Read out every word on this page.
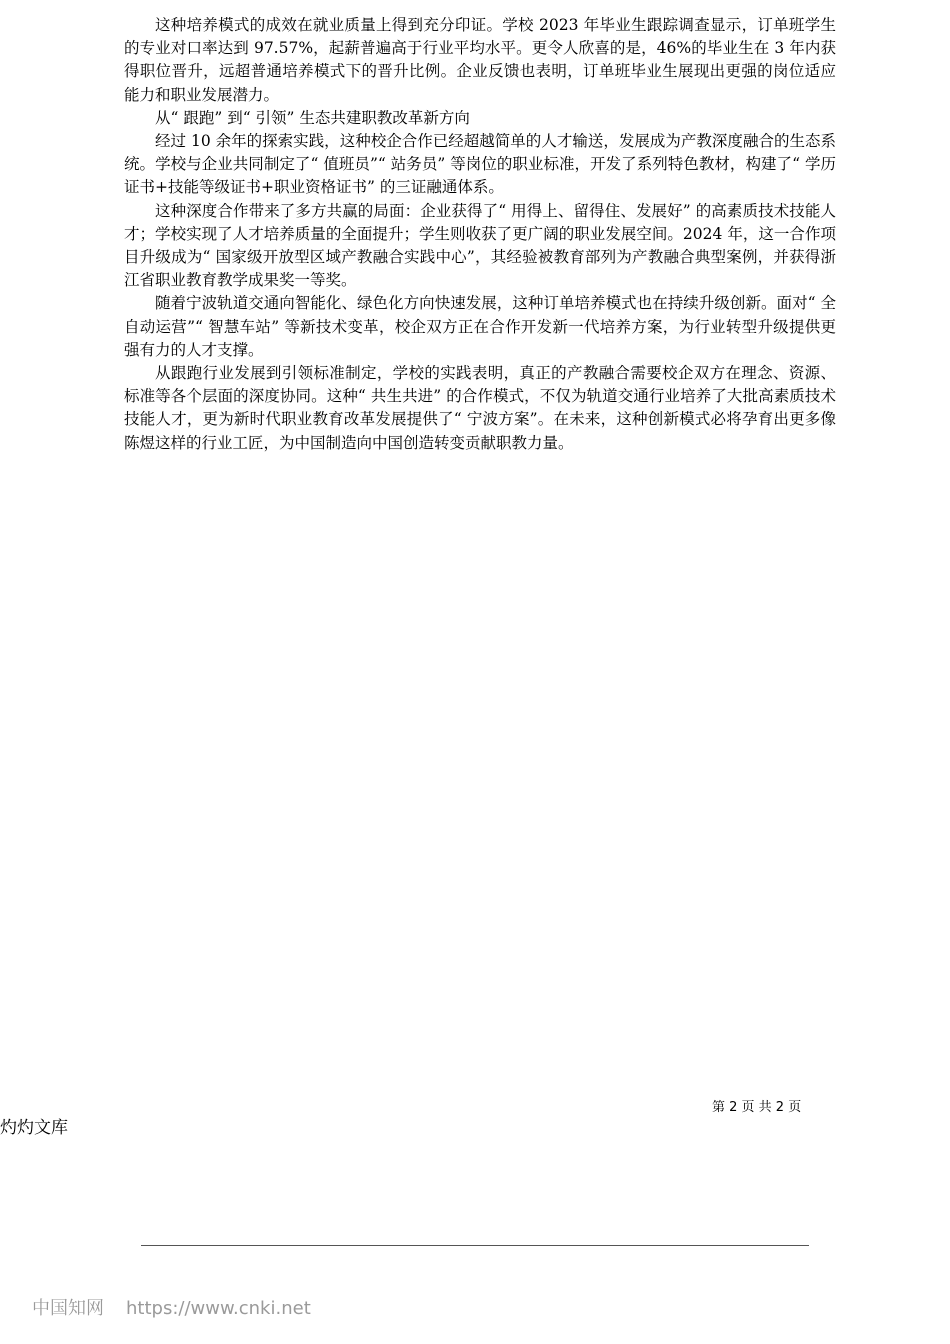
这种培养模式的成效在就业质量上得到充分印证。学校 2023 年毕业生跟踪调查显示，订单班学生的专业对口率达到 97.57%，起薪普遍高于行业平均水平。更令人欣喜的是，46%的毕业生在 3 年内获得职位晋升，远超普通培养模式下的晋升比例。企业反馈也表明，订单班毕业生展现出更强的岗位适应能力和职业发展潜力。

从“ 跟跑” 到“ 引领” 生态共建职教改革新方向

经过 10 余年的探索实践，这种校企合作已经超越简单的人才输送，发展成为产教深度融合的生态系统。学校与企业共同制定了“ 值班员”“ 站务员” 等岗位的职业标准，开发了系列特色教材，构建了“ 学历证书+技能等级证书+职业资格证书” 的三证融通体系。

这种深度合作带来了多方共赢的局面：企业获得了“ 用得上、留得住、发展好” 的高素质技术技能人才；学校实现了人才培养质量的全面提升；学生则收获了更广阔的职业发展空间。2024 年，这一合作项目升级成为“ 国家级开放型区域产教融合实践中心”，其经验被教育部列为产教融合典型案例，并获得浙江省职业教育教学成果奖一等奖。

随着宁波轨道交通向智能化、绿色化方向快速发展，这种订单培养模式也在持续升级创新。面对“ 全自动运营”“ 智慧车站” 等新技术变革，校企双方正在合作开发新一代培养方案，为行业转型升级提供更强有力的人才支撑。

从跟跑行业发展到引领标准制定，学校的实践表明，真正的产教融合需要校企双方在理念、资源、标准等各个层面的深度协同。这种“ 共生共进” 的合作模式，不仅为轨道交通行业培养了大批高素质技术技能人才，更为新时代职业教育改革发展提供了“ 宁波方案”。在未来，这种创新模式必将孕育出更多像陈煜这样的行业工匠，为中国制造向中国创造转变贡献职教力量。

第 2 页 共 2 页
灼灼文库
中国知网 https://www.cnki.net
